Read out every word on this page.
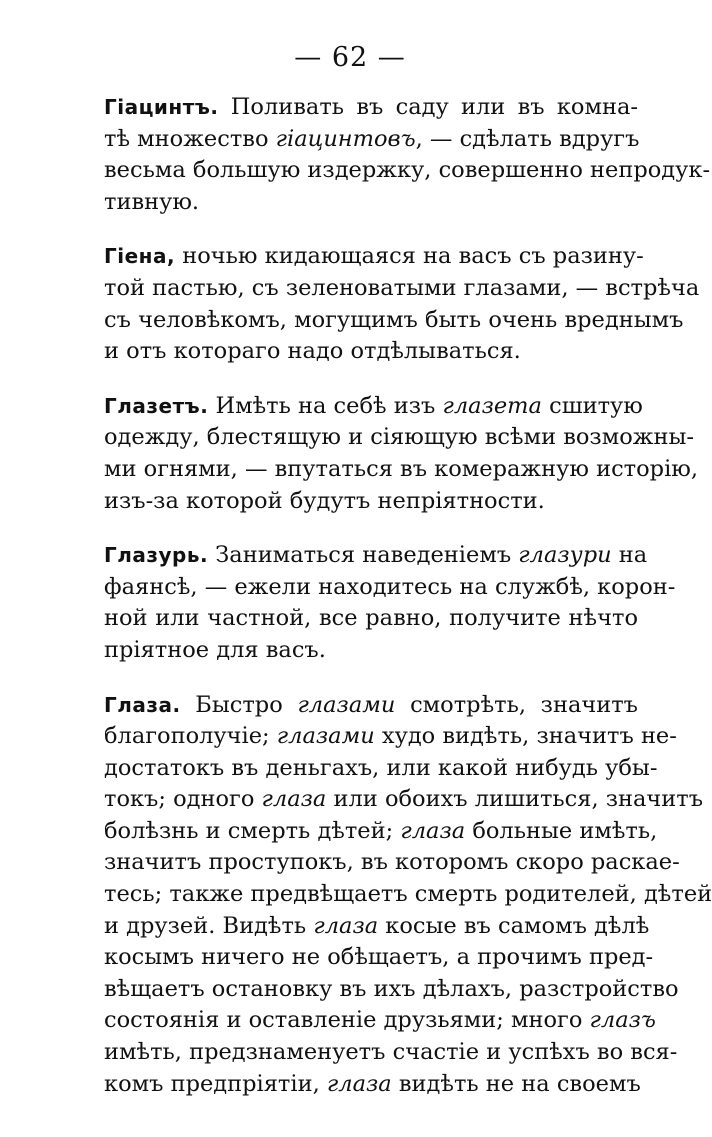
— 62 —
Гіацинтъ. Поливать въ саду или въ комна-
тѣ множество гіацинтовъ, — сдѣлать вдругъ
весьма большую издержку, совершенно непродук-
тивную.
Гіена, ночью кидающаяся на васъ съ разину-
той пастью, съ зеленоватыми глазами, — встрѣча
съ человѣкомъ, могущимъ быть очень вреднымъ
и отъ котораго надо отдѣлываться.
Глазетъ. Имѣть на себѣ изъ глазета сшитую
одежду, блестящую и сіяющую всѣми возможны-
ми огнями, — впутаться въ комеражную исторію,
изъ-за которой будутъ непріятности.
Глазурь. Заниматься наведеніемъ глазури на
фаянсѣ, — ежели находитесь на службѣ, корон-
ной или частной, все равно, получите нѣчто
пріятное для васъ.
Глаза. Быстро глазами смотрѣть, значитъ
благополучіе; глазами худо видѣть, значитъ не-
достатокъ въ деньгахъ, или какой нибудь убы-
токъ; одного глаза или обоихъ лишиться, значитъ
болѣзнь и смерть дѣтей; глаза больные имѣть,
значитъ проступокъ, въ которомъ скоро раскае-
тесь; также предвѣщаетъ смерть родителей, дѣтей
и друзей. Видѣть глаза косые въ самомъ дѣлѣ
косымъ ничего не обѣщаетъ, а прочимъ пред-
вѣщаетъ остановку въ ихъ дѣлахъ, разстройство
состоянія и оставленіе друзьями; много глазъ
имѣть, предзнаменуетъ счастіе и успѣхъ во вся-
комъ предпріятіи, глаза видѣть не на своемъ
